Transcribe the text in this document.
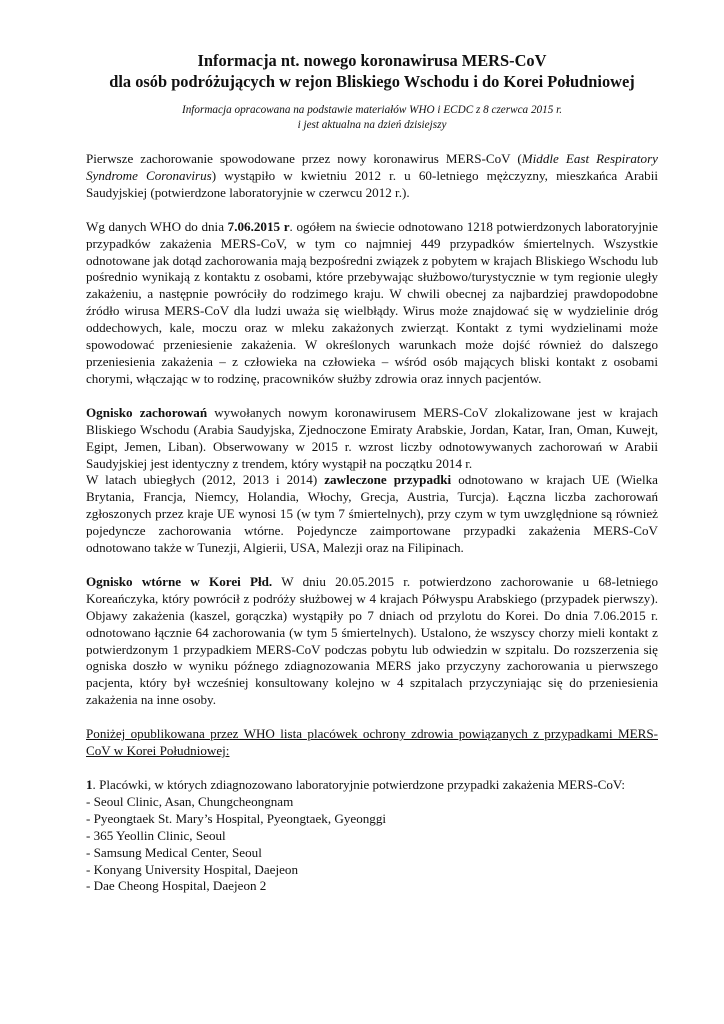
Informacja nt. nowego koronawirusa MERS-CoV
dla osób podróżujących w rejon Bliskiego Wschodu i do Korei Południowej
Informacja opracowana na podstawie materiałów WHO i ECDC z 8 czerwca 2015 r.
i jest aktualna na dzień dzisiejszy

Pierwsze zachorowanie spowodowane przez nowy koronawirus MERS-CoV (Middle East Respiratory Syndrome Coronavirus) wystąpiło w kwietniu 2012 r. u 60-letniego mężczyzny, mieszkańca Arabii Saudyjskiej (potwierdzone laboratoryjnie w czerwcu 2012 r.).

Wg danych WHO do dnia 7.06.2015 r. ogółem na świecie odnotowano 1218 potwierdzonych laboratoryjnie przypadków zakażenia MERS-CoV, w tym co najmniej 449 przypadków śmiertelnych. Wszystkie odnotowane jak dotąd zachorowania mają bezpośredni związek z pobytem w krajach Bliskiego Wschodu lub pośrednio wynikają z kontaktu z osobami, które przebywając służbowo/turystycznie w tym regionie uległy zakażeniu, a następnie powróciły do rodzimego kraju. W chwili obecnej za najbardziej prawdopodobne źródło wirusa MERS-CoV dla ludzi uważa się wielbłądy. Wirus może znajdować się w wydzielinie dróg oddechowych, kale, moczu oraz w mleku zakażonych zwierząt. Kontakt z tymi wydzielinami może spowodować przeniesienie zakażenia. W określonych warunkach może dojść również do dalszego przeniesienia zakażenia – z człowieka na człowieka – wśród osób mających bliski kontakt z osobami chorymi, włączając w to rodzinę, pracowników służby zdrowia oraz innych pacjentów.

Ognisko zachorowań wywołanych nowym koronawirusem MERS-CoV zlokalizowane jest w krajach Bliskiego Wschodu (Arabia Saudyjska, Zjednoczone Emiraty Arabskie, Jordan, Katar, Iran, Oman, Kuwejt, Egipt, Jemen, Liban). Obserwowany w 2015 r. wzrost liczby odnotowywanych zachorowań w Arabii Saudyjskiej jest identyczny z trendem, który wystąpił na początku 2014 r.
W latach ubiegłych (2012, 2013 i 2014) zawleczone przypadki odnotowano w krajach UE (Wielka Brytania, Francja, Niemcy, Holandia, Włochy, Grecja, Austria, Turcja). Łączna liczba zachorowań zgłoszonych przez kraje UE wynosi 15 (w tym 7 śmiertelnych), przy czym w tym uwzględnione są również pojedyncze zachorowania wtórne. Pojedyncze zaimportowane przypadki zakażenia MERS-CoV odnotowano także w Tunezji, Algierii, USA, Malezji oraz na Filipinach.

Ognisko wtórne w Korei Płd. W dniu 20.05.2015 r. potwierdzono zachorowanie u 68-letniego Koreańczyka, który powrócił z podróży służbowej w 4 krajach Półwyspu Arabskiego (przypadek pierwszy). Objawy zakażenia (kaszel, gorączka) wystąpiły po 7 dniach od przylotu do Korei. Do dnia 7.06.2015 r. odnotowano łącznie 64 zachorowania (w tym 5 śmiertelnych). Ustalono, że wszyscy chorzy mieli kontakt z potwierdzonym 1 przypadkiem MERS-CoV podczas pobytu lub odwiedzin w szpitalu. Do rozszerzenia się ogniska doszło w wyniku późnego zdiagnozowania MERS jako przyczyny zachorowania u pierwszego pacjenta, który był wcześniej konsultowany kolejno w 4 szpitalach przyczyniając się do przeniesienia zakażenia na inne osoby.

Poniżej opublikowana przez WHO lista placówek ochrony zdrowia powiązanych z przypadkami MERS-CoV w Korei Południowej:

1. Placówki, w których zdiagnozowano laboratoryjnie potwierdzone przypadki zakażenia MERS-CoV:

- Seoul Clinic, Asan, Chungcheongnam
- Pyeongtaek St. Mary’s Hospital, Pyeongtaek, Gyeonggi
- 365 Yeollin Clinic, Seoul
- Samsung Medical Center, Seoul
- Konyang University Hospital, Daejeon
- Dae Cheong Hospital, Daejeon 2
